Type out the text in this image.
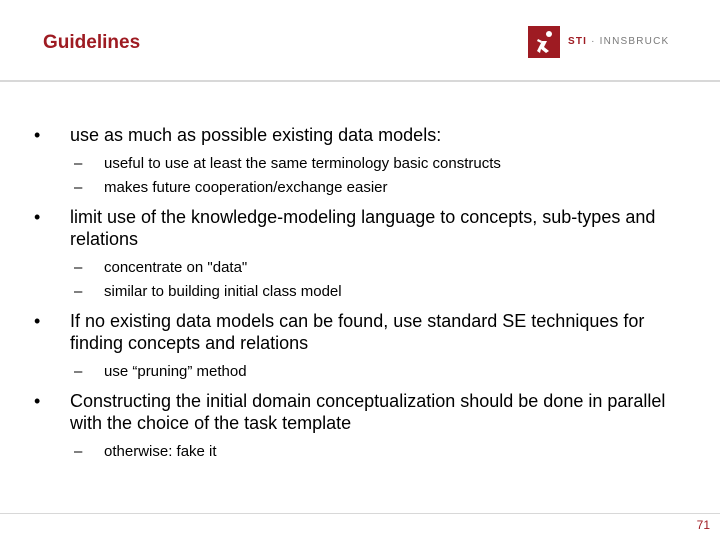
Guidelines	STI · INNSBRUCK
•	use as much as possible existing data models:
– useful to use at least the same terminology basic constructs
– makes future cooperation/exchange easier
•	limit use of the knowledge-modeling language to concepts, sub-types and relations
– concentrate on "data"
– similar to building initial class model
•	If no existing data models can be found, use standard SE techniques for finding concepts and relations
– use “pruning” method
•	Constructing the initial domain conceptualization should be done in parallel with the choice of the task template
– otherwise: fake it
71
